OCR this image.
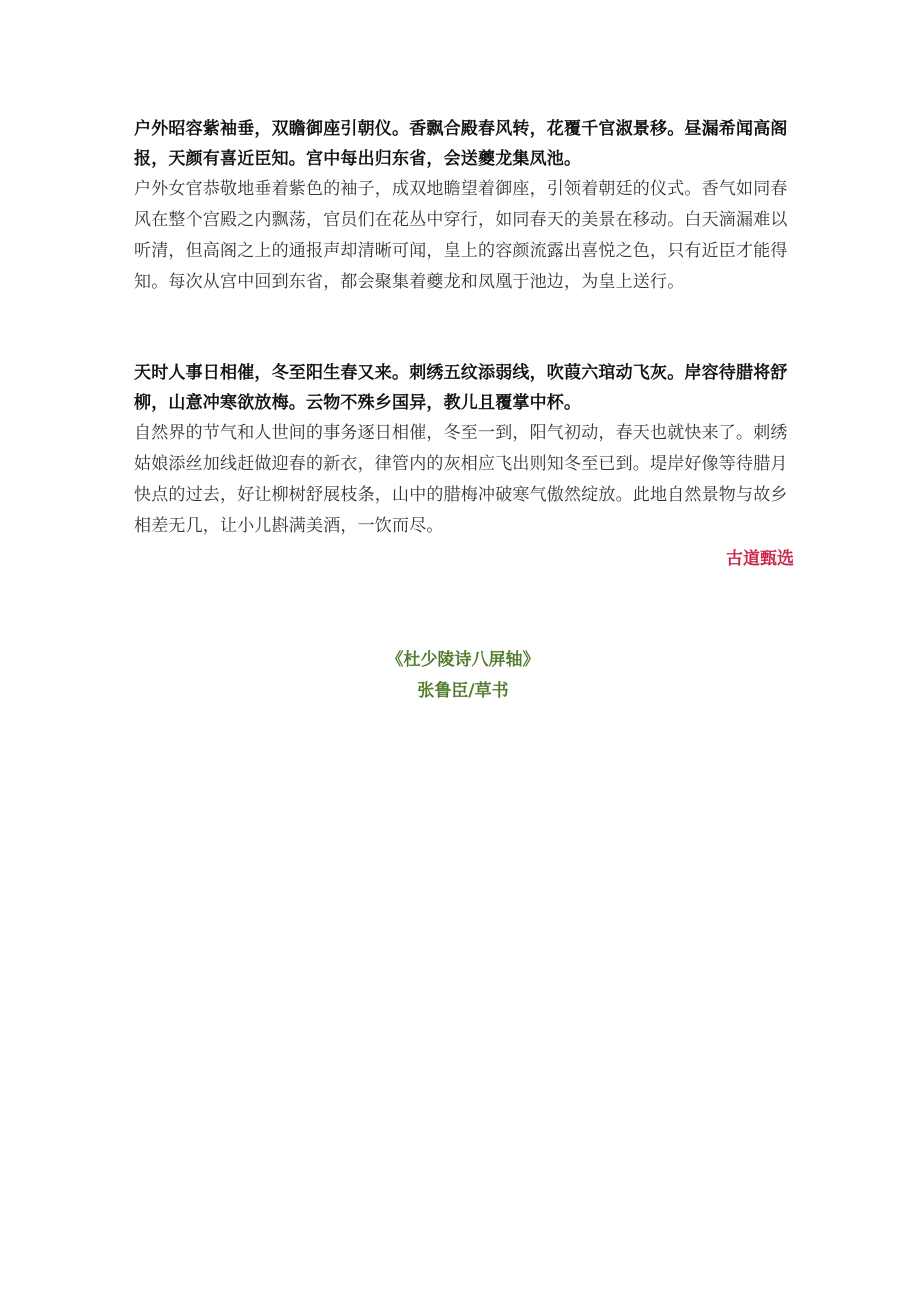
户外昭容紫袖垂，双瞻御座引朝仪。香飘合殿春风转，花覆千官淑景移。昼漏希闻高阁报，天颜有喜近臣知。宫中每出归东省，会送夔龙集凤池。

户外女官恭敬地垂着紫色的袖子，成双地瞻望着御座，引领着朝廷的仪式。香气如同春风在整个宫殿之内飘荡，官员们在花丛中穿行，如同春天的美景在移动。白天滴漏难以听清，但高阁之上的通报声却清晰可闻，皇上的容颜流露出喜悦之色，只有近臣才能得知。每次从宫中回到东省，都会聚集着夔龙和凤凰于池边，为皇上送行。

天时人事日相催，冬至阳生春又来。刺绣五纹添弱线，吹葭六琯动飞灰。岸容待腊将舒柳，山意冲寒欲放梅。云物不殊乡国异，教儿且覆掌中杯。

自然界的节气和人世间的事务逐日相催，冬至一到，阳气初动，春天也就快来了。刺绣姑娘添丝加线赶做迎春的新衣，律管内的灰相应飞出则知冬至已到。堤岸好像等待腊月快点的过去，好让柳树舒展枝条，山中的腊梅冲破寒气傲然绽放。此地自然景物与故乡相差无几，让小儿斟满美酒，一饮而尽。

古道甄选
《杜少陵诗八屏轴》
张鲁臣/草书
